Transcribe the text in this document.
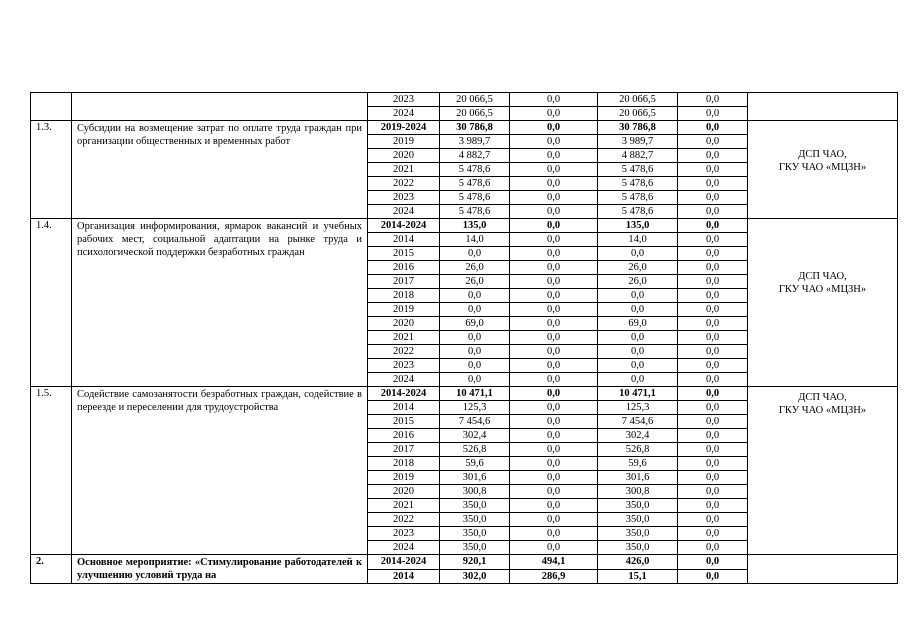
		2023	20 066,5	0,0	20 066,5	0,0	
		2024	20 066,5	0,0	20 066,5	0,0	
1.3.	Субсидии на возмещение затрат по оплате труда граждан при организации общественных и временных работ	2019-2024	30 786,8	0,0	30 786,8	0,0	ДСП ЧАО,
ГКУ ЧАО «МЦЗН»

		2019	3 989,7	0,0	3 989,7	0,0	
		2020	4 882,7	0,0	4 882,7	0,0	
		2021	5 478,6	0,0	5 478,6	0,0	
		2022	5 478,6	0,0	5 478,6	0,0	
		2023	5 478,6	0,0	5 478,6	0,0	
		2024	5 478,6	0,0	5 478,6	0,0	
1.4.	Организация информирования, ярмарок вакансий и учебных рабочих мест, социальной адаптации на рынке труда и психологической поддержки безработных граждан	2014-2024	135,0	0,0	135,0	0,0	ДСП ЧАО,
ГКУ ЧАО «МЦЗН»

		2014	14,0	0,0	14,0	0,0	
		2015	0,0	0,0	0,0	0,0	
		2016	26,0	0,0	26,0	0,0	
		2017	26,0	0,0	26,0	0,0	
		2018	0,0	0,0	0,0	0,0	
		2019	0,0	0,0	0,0	0,0	
		2020	69,0	0,0	69,0	0,0	
		2021	0,0	0,0	0,0	0,0	
		2022	0,0	0,0	0,0	0,0	
		2023	0,0	0,0	0,0	0,0	
		2024	0,0	0,0	0,0	0,0	
1.5.	Содействие самозанятости безработных граждан, содействие в переезде и переселении для трудоустройства	2014-2024	10 471,1	0,0	10 471,1	0,0	ДСП ЧАО,
ГКУ ЧАО «МЦЗН»

		2014	125,3	0,0	125,3	0,0	
		2015	7 454,6	0,0	7 454,6	0,0	
		2016	302,4	0,0	302,4	0,0	
		2017	526,8	0,0	526,8	0,0	
		2018	59,6	0,0	59,6	0,0	
		2019	301,6	0,0	301,6	0,0	
		2020	300,8	0,0	300,8	0,0	
		2021	350,0	0,0	350,0	0,0	
		2022	350,0	0,0	350,0	0,0	
		2023	350,0	0,0	350,0	0,0	
		2024	350,0	0,0	350,0	0,0	
2.	Основное мероприятие: «Стимулирование работодателей к улучшению условий труда на	2014-2024	920,1	494,1	426,0	0,0	
		2014	302,0	286,9	15,1	0,0	
